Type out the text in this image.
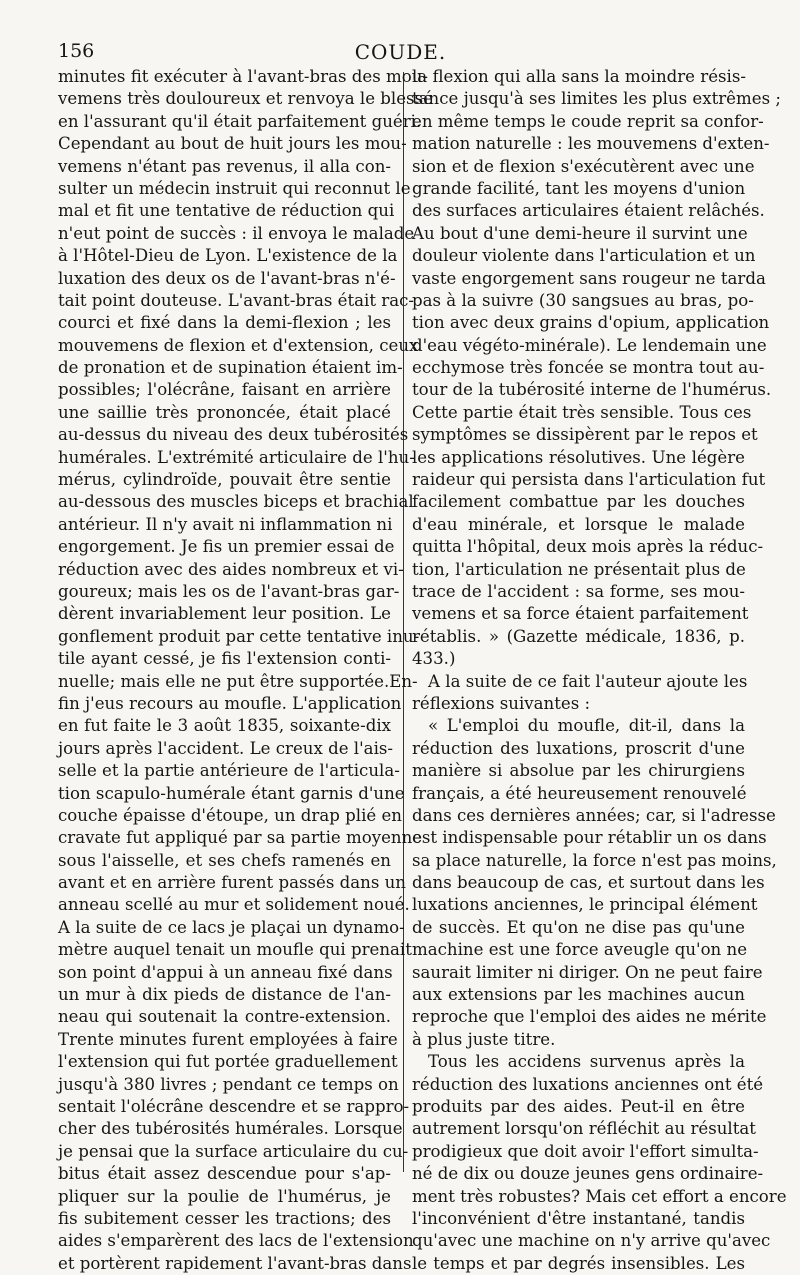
156	COUDE.
minutes fit exécuter à l'avant-bras des mou-
vemens très douloureux et renvoya le blessé
en l'assurant qu'il était parfaitement guéri.
Cependant au bout de huit jours les mou-
vemens n'étant pas revenus, il alla con-
sulter un médecin instruit qui reconnut le
mal et fit une tentative de réduction qui
n'eut point de succès : il envoya le malade
à l'Hôtel-Dieu de Lyon. L'existence de la
luxation des deux os de l'avant-bras n'é-
tait point douteuse. L'avant-bras était rac-
courci et fixé dans la demi-flexion ; les
mouvemens de flexion et d'extension, ceux
de pronation et de supination étaient im-
possibles; l'olécrâne, faisant en arrière
une saillie très prononcée, était placé
au-dessus du niveau des deux tubérosités
humérales. L'extrémité articulaire de l'hu-
mérus, cylindroïde, pouvait être sentie
au-dessous des muscles biceps et brachial
antérieur. Il n'y avait ni inflammation ni
engorgement. Je fis un premier essai de
réduction avec des aides nombreux et vi-
goureux; mais les os de l'avant-bras gar-
dèrent invariablement leur position. Le
gonflement produit par cette tentative inu-
tile ayant cessé, je fis l'extension conti-
nuelle; mais elle ne put être supportée.En-
fin j'eus recours au moufle. L'application
en fut faite le 3 août 1835, soixante-dix
jours après l'accident. Le creux de l'ais-
selle et la partie antérieure de l'articula-
tion scapulo-humérale étant garnis d'une
couche épaisse d'étoupe, un drap plié en
cravate fut appliqué par sa partie moyenne
sous l'aisselle, et ses chefs ramenés en
avant et en arrière furent passés dans un
anneau scellé au mur et solidement noué.
A la suite de ce lacs je plaçai un dynamo-
mètre auquel tenait un moufle qui prenait
son point d'appui à un anneau fixé dans
un mur à dix pieds de distance de l'an-
neau qui soutenait la contre-extension.
Trente minutes furent employées à faire
l'extension qui fut portée graduellement
jusqu'à 380 livres ; pendant ce temps on
sentait l'olécrâne descendre et se rappro-
cher des tubérosités humérales. Lorsque
je pensai que la surface articulaire du cu-
bitus était assez descendue pour s'ap-
pliquer sur la poulie de l'humérus, je
fis subitement cesser les tractions; des
aides s'emparèrent des lacs de l'extension
et portèrent rapidement l'avant-bras dans
la flexion qui alla sans la moindre résis-
tance jusqu'à ses limites les plus extrêmes ;
en même temps le coude reprit sa confor-
mation naturelle : les mouvemens d'exten-
sion et de flexion s'exécutèrent avec une
grande facilité, tant les moyens d'union
des surfaces articulaires étaient relâchés.
Au bout d'une demi-heure il survint une
douleur violente dans l'articulation et un
vaste engorgement sans rougeur ne tarda
pas à la suivre (30 sangsues au bras, po-
tion avec deux grains d'opium, application
d'eau végéto-minérale). Le lendemain une
ecchymose très foncée se montra tout au-
tour de la tubérosité interne de l'humérus.
Cette partie était très sensible. Tous ces
symptômes se dissipèrent par le repos et
les applications résolutives. Une légère
raideur qui persista dans l'articulation fut
facilement combattue par les douches
d'eau minérale, et lorsque le malade
quitta l'hôpital, deux mois après la réduc-
tion, l'articulation ne présentait plus de
trace de l'accident : sa forme, ses mou-
vemens et sa force étaient parfaitement
rétablis. » (Gazette médicale, 1836, p.
433.)
A la suite de ce fait l'auteur ajoute les
réflexions suivantes :
« L'emploi du moufle, dit-il, dans la
réduction des luxations, proscrit d'une
manière si absolue par les chirurgiens
français, a été heureusement renouvelé
dans ces dernières années; car, si l'adresse
est indispensable pour rétablir un os dans
sa place naturelle, la force n'est pas moins,
dans beaucoup de cas, et surtout dans les
luxations anciennes, le principal élément
de succès. Et qu'on ne dise pas qu'une
machine est une force aveugle qu'on ne
saurait limiter ni diriger. On ne peut faire
aux extensions par les machines aucun
reproche que l'emploi des aides ne mérite
à plus juste titre.
Tous les accidens survenus après la
réduction des luxations anciennes ont été
produits par des aides. Peut-il en être
autrement lorsqu'on réfléchit au résultat
prodigieux que doit avoir l'effort simulta-
né de dix ou douze jeunes gens ordinaire-
ment très robustes? Mais cet effort a encore
l'inconvénient d'être instantané, tandis
qu'avec une machine on n'y arrive qu'avec
le temps et par degrés insensibles. Les
